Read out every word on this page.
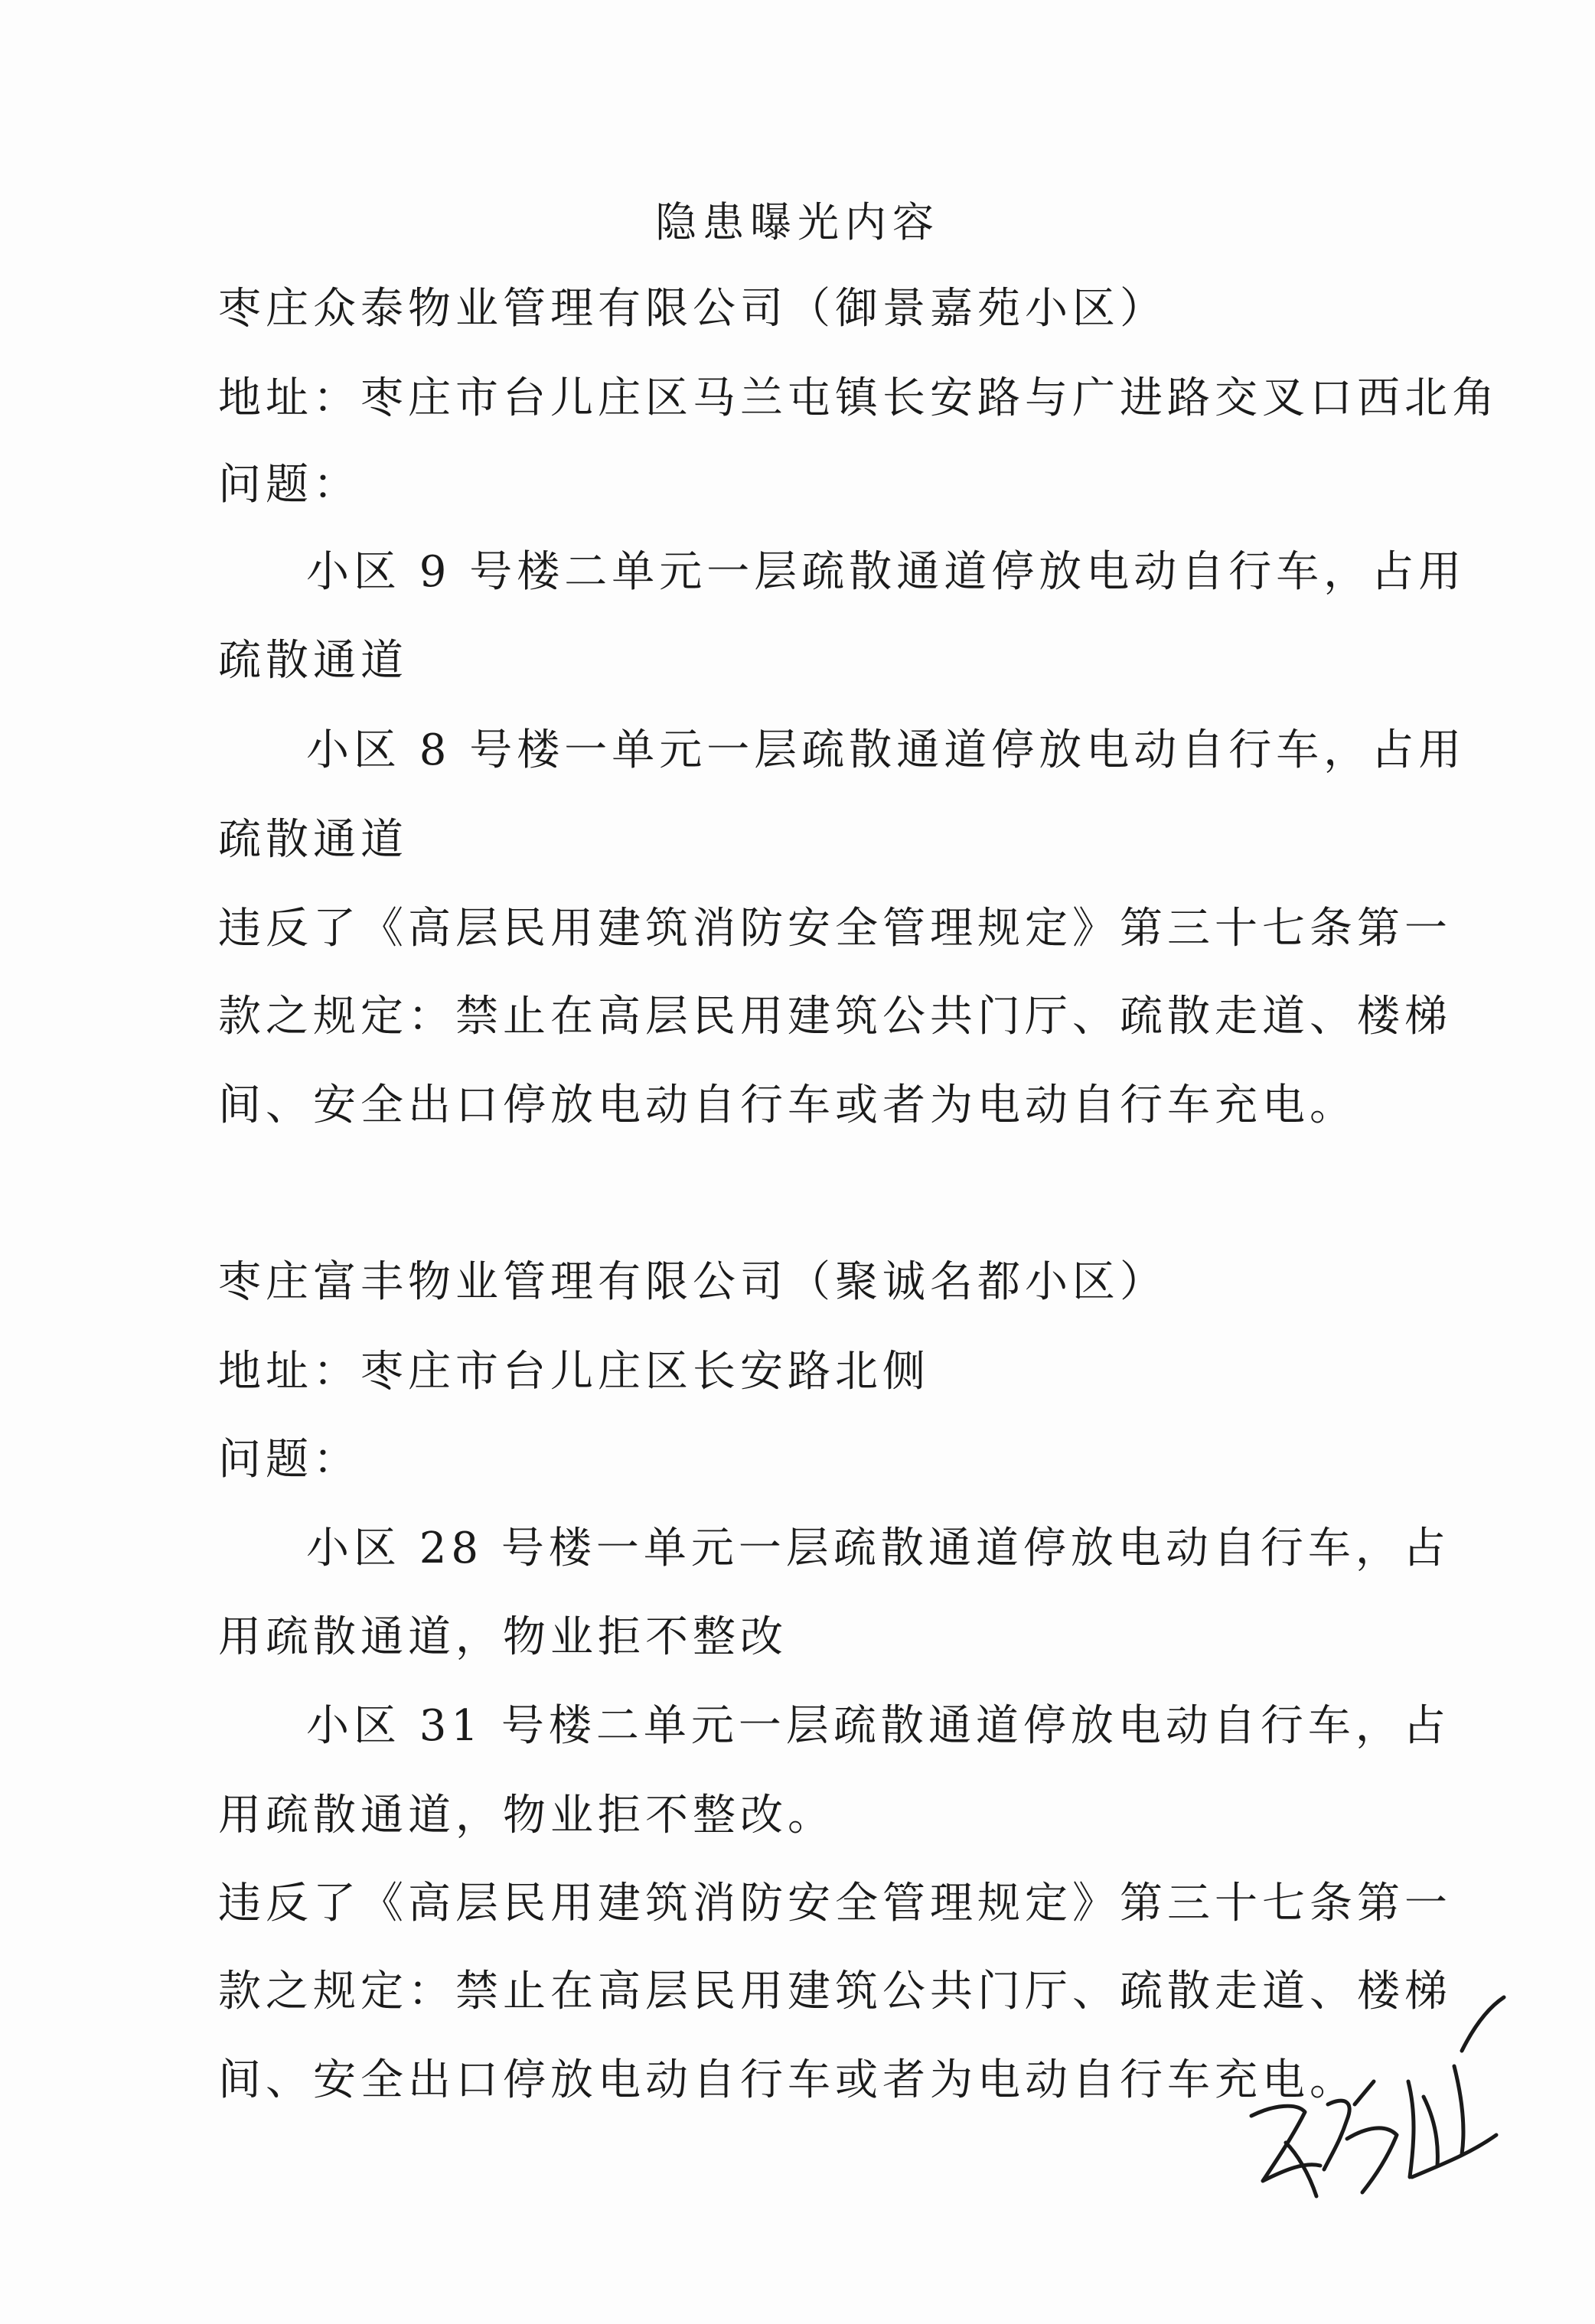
隐患曝光内容
枣庄众泰物业管理有限公司（御景嘉苑小区）
地址：枣庄市台儿庄区马兰屯镇长安路与广进路交叉口西北角
问题：
小区 9 号楼二单元一层疏散通道停放电动自行车，占用
疏散通道
小区 8 号楼一单元一层疏散通道停放电动自行车，占用
疏散通道
违反了《高层民用建筑消防安全管理规定》第三十七条第一
款之规定：禁止在高层民用建筑公共门厅、疏散走道、楼梯
间、安全出口停放电动自行车或者为电动自行车充电。
枣庄富丰物业管理有限公司（聚诚名都小区）
地址：枣庄市台儿庄区长安路北侧
问题：
小区 28 号楼一单元一层疏散通道停放电动自行车，占
用疏散通道，物业拒不整改
小区 31 号楼二单元一层疏散通道停放电动自行车，占
用疏散通道，物业拒不整改。
违反了《高层民用建筑消防安全管理规定》第三十七条第一
款之规定：禁止在高层民用建筑公共门厅、疏散走道、楼梯
间、安全出口停放电动自行车或者为电动自行车充电。
